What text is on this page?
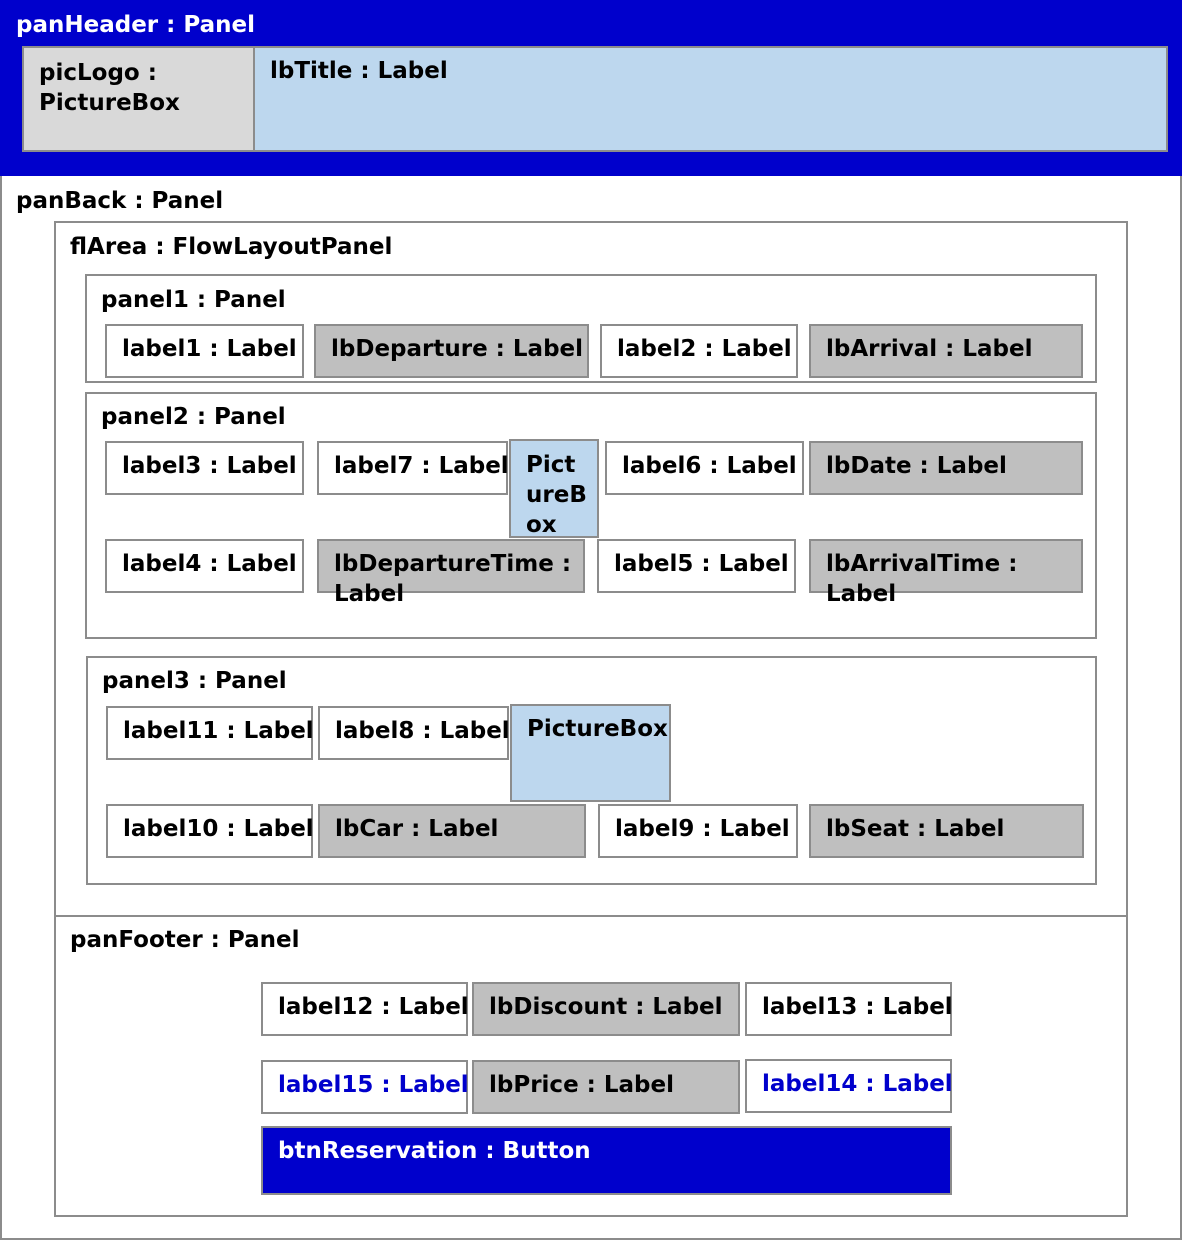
panHeader : Panel
picLogo : PictureBox
lbTitle : Label
panBack : Panel
flArea : FlowLayoutPanel
panel1 : Panel
label1 : Label lbDeparture : Label label2 : Label lbArrival : Label
panel2 : Panel
label3 : Label label7 : Label PictureBox
label6 : Label lbDate : Label
label4 : Label lbDepartureTime : Label
label5 : Label lbArrivalTime : Label
panel3 : Panel
label11 : Label label8 : Label PictureBox
label10 : Label lbCar : Label	label9 : Label lbSeat : Label
panFooter : Panel
label12 : Label lbDiscount : Label label13 : Label
label15 : Label lbPrice : Label	label14 : Label
btnReservation : Button
